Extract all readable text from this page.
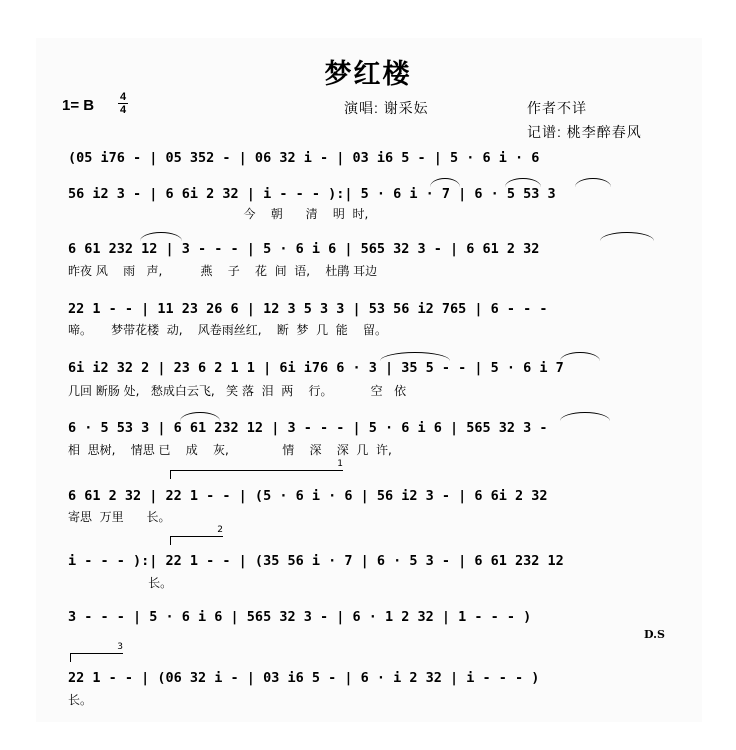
梦红楼
1= B 4
4	演唱: 谢采妘	作者不详
记谱: 桃李醉春风
(05 i76 - | 05 352 - | 06 32 i - | 03 i6 5 - | 5 · 6 i · 6
56 i2 3 - | 6 6i 2 32 | i - - - ):| 5 · 6 i · 7 | 6 · 5 53 3
今    朝      清    明  时,
6 61 232 12 | 3 - - - | 5 · 6 i 6 | 565 32 3 - | 6 61 2 32
昨夜 风    雨   声,          燕    子    花  间  语,    杜鹃 耳边
22 1 - - | 11 23 26 6 | 12 3 5 3 3 | 53 56 i2 765 | 6 - - -
啼。     梦带花楼  动,    风卷雨丝红,    断  梦  几  能    留。
6i i2 32 2 | 23 6 2 1 1 | 6i i76 6 · 3 | 35 5 - - | 5 · 6 i 7
几回 断肠 处,   愁成白云飞,   笑 落  泪  两    行。          空   依
6 · 5 53 3 | 6 61 232 12 | 3 - - - | 5 · 6 i 6 | 565 32 3 -
相  思树,    情思 已    成    灰,              情    深    深  几  许,
6 61 2 32 | 22 1 - - | (5 · 6 i · 6 | 56 i2 3 - | 6 6i 2 32
寄思  万里      长。
i - - - ):| 22 1 - - | (35 56 i · 7 | 6 · 5 3 - | 6 61 232 12
长。
3 - - - | 5 · 6 i 6 | 565 32 3 - | 6 · 1 2 32 | 1 - - - )
22 1 - - | (06 32 i - | 03 i6 5 - | 6 · i 2 32 | i - - - )
长。
1
2
3
D.S
